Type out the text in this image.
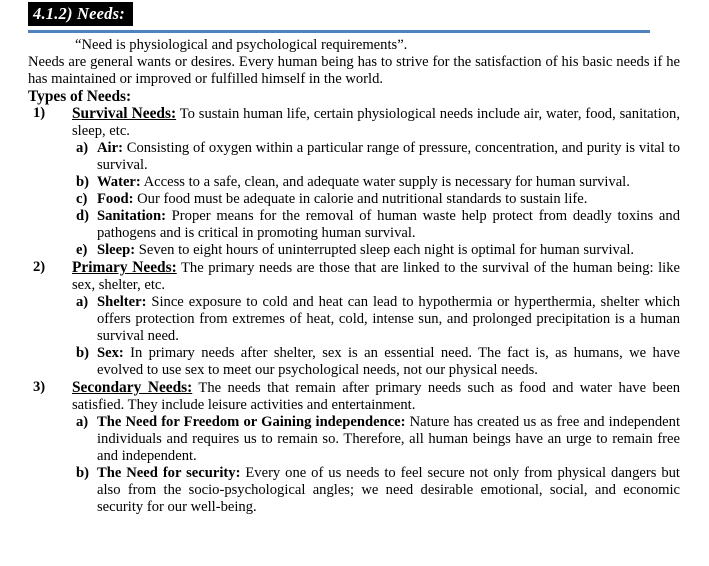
4.1.2) Needs:

“Need is physiological and psychological requirements”.

Needs are general wants or desires. Every human being has to strive for the satisfaction of his basic needs if he has maintained or improved or fulfilled himself in the world.

Types of Needs:

1) Survival Needs: To sustain human life, certain physiological needs include air, water, food, sanitation, sleep, etc.

a) Air: Consisting of oxygen within a particular range of pressure, concentration, and purity is vital to survival.

b) Water: Access to a safe, clean, and adequate water supply is necessary for human survival.

c) Food: Our food must be adequate in calorie and nutritional standards to sustain life.

d) Sanitation: Proper means for the removal of human waste help protect from deadly toxins and pathogens and is critical in promoting human survival.

e) Sleep: Seven to eight hours of uninterrupted sleep each night is optimal for human survival.

2) Primary Needs: The primary needs are those that are linked to the survival of the human being: like sex, shelter, etc.

a) Shelter: Since exposure to cold and heat can lead to hypothermia or hyperthermia, shelter which offers protection from extremes of heat, cold, intense sun, and prolonged precipitation is a human survival need.

b) Sex: In primary needs after shelter, sex is an essential need. The fact is, as humans, we have evolved to use sex to meet our psychological needs, not our physical needs.

3) Secondary Needs: The needs that remain after primary needs such as food and water have been satisfied. They include leisure activities and entertainment.

a) The Need for Freedom or Gaining independence: Nature has created us as free and independent individuals and requires us to remain so. Therefore, all human beings have an urge to remain free and independent.

b) The Need for security: Every one of us needs to feel secure not only from physical dangers but also from the socio-psychological angles; we need desirable emotional, social, and economic security for our well-being.
